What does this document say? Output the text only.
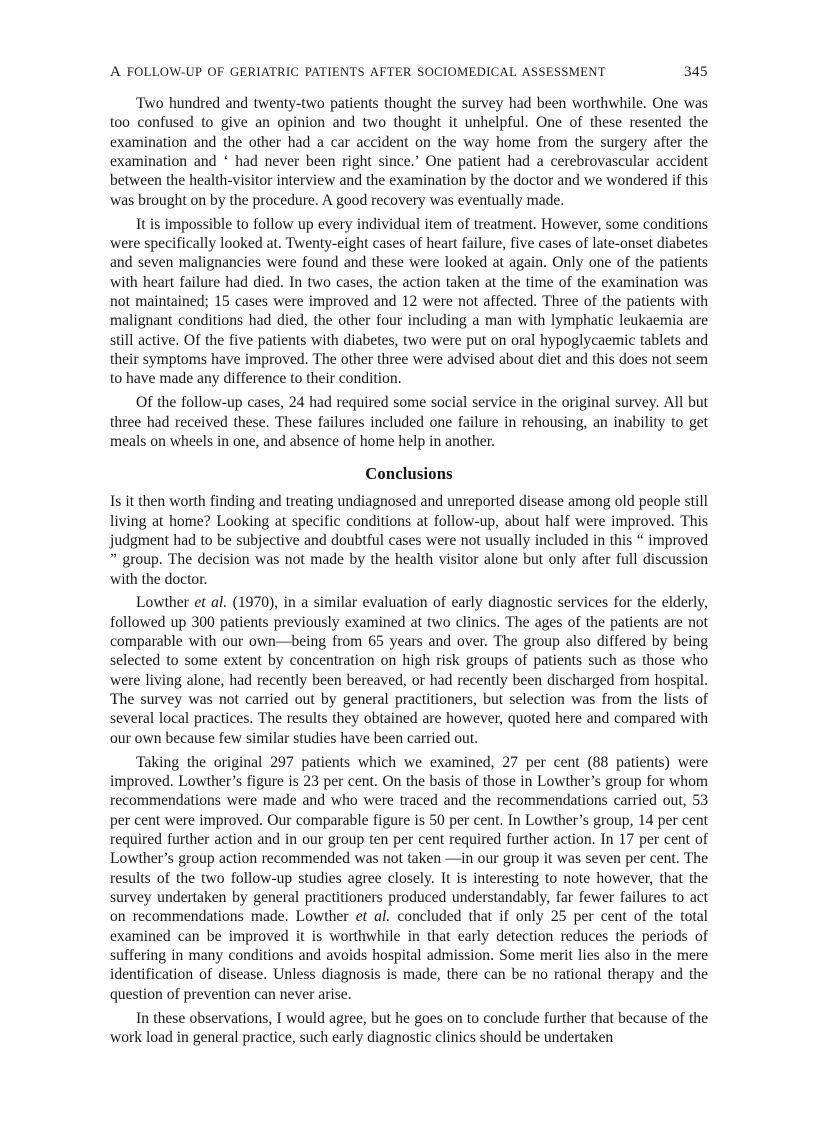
A FOLLOW-UP OF GERIATRIC PATIENTS AFTER SOCIOMEDICAL ASSESSMENT	345

Two hundred and twenty-two patients thought the survey had been worthwhile. One was too confused to give an opinion and two thought it unhelpful. One of these resented the examination and the other had a car accident on the way home from the surgery after the examination and ‘ had never been right since.’ One patient had a cerebrovascular accident between the health-visitor interview and the examination by the doctor and we wondered if this was brought on by the procedure. A good recovery was eventually made.

It is impossible to follow up every individual item of treatment. However, some conditions were specifically looked at. Twenty-eight cases of heart failure, five cases of late-onset diabetes and seven malignancies were found and these were looked at again. Only one of the patients with heart failure had died. In two cases, the action taken at the time of the examination was not maintained; 15 cases were improved and 12 were not affected. Three of the patients with malignant conditions had died, the other four including a man with lymphatic leukaemia are still active. Of the five patients with diabetes, two were put on oral hypoglycaemic tablets and their symptoms have improved. The other three were advised about diet and this does not seem to have made any difference to their condition.

Of the follow-up cases, 24 had required some social service in the original survey. All but three had received these. These failures included one failure in rehousing, an inability to get meals on wheels in one, and absence of home help in another.

Conclusions

Is it then worth finding and treating undiagnosed and unreported disease among old people still living at home? Looking at specific conditions at follow-up, about half were improved. This judgment had to be subjective and doubtful cases were not usually included in this “ improved ” group. The decision was not made by the health visitor alone but only after full discussion with the doctor.

Lowther et al. (1970), in a similar evaluation of early diagnostic services for the elderly, followed up 300 patients previously examined at two clinics. The ages of the patients are not comparable with our own—being from 65 years and over. The group also differed by being selected to some extent by concentration on high risk groups of patients such as those who were living alone, had recently been bereaved, or had recently been discharged from hospital. The survey was not carried out by general practitioners, but selection was from the lists of several local practices. The results they obtained are however, quoted here and compared with our own because few similar studies have been carried out.

Taking the original 297 patients which we examined, 27 per cent (88 patients) were improved. Lowther’s figure is 23 per cent. On the basis of those in Lowther’s group for whom recommendations were made and who were traced and the recommendations carried out, 53 per cent were improved. Our comparable figure is 50 per cent. In Lowther’s group, 14 per cent required further action and in our group ten per cent required further action. In 17 per cent of Lowther’s group action recommended was not taken —in our group it was seven per cent. The results of the two follow-up studies agree closely. It is interesting to note however, that the survey undertaken by general practitioners produced understandably, far fewer failures to act on recommendations made. Lowther et al. concluded that if only 25 per cent of the total examined can be improved it is worthwhile in that early detection reduces the periods of suffering in many conditions and avoids hospital admission. Some merit lies also in the mere identification of disease. Unless diagnosis is made, there can be no rational therapy and the question of prevention can never arise.

In these observations, I would agree, but he goes on to conclude further that because of the work load in general practice, such early diagnostic clinics should be undertaken
